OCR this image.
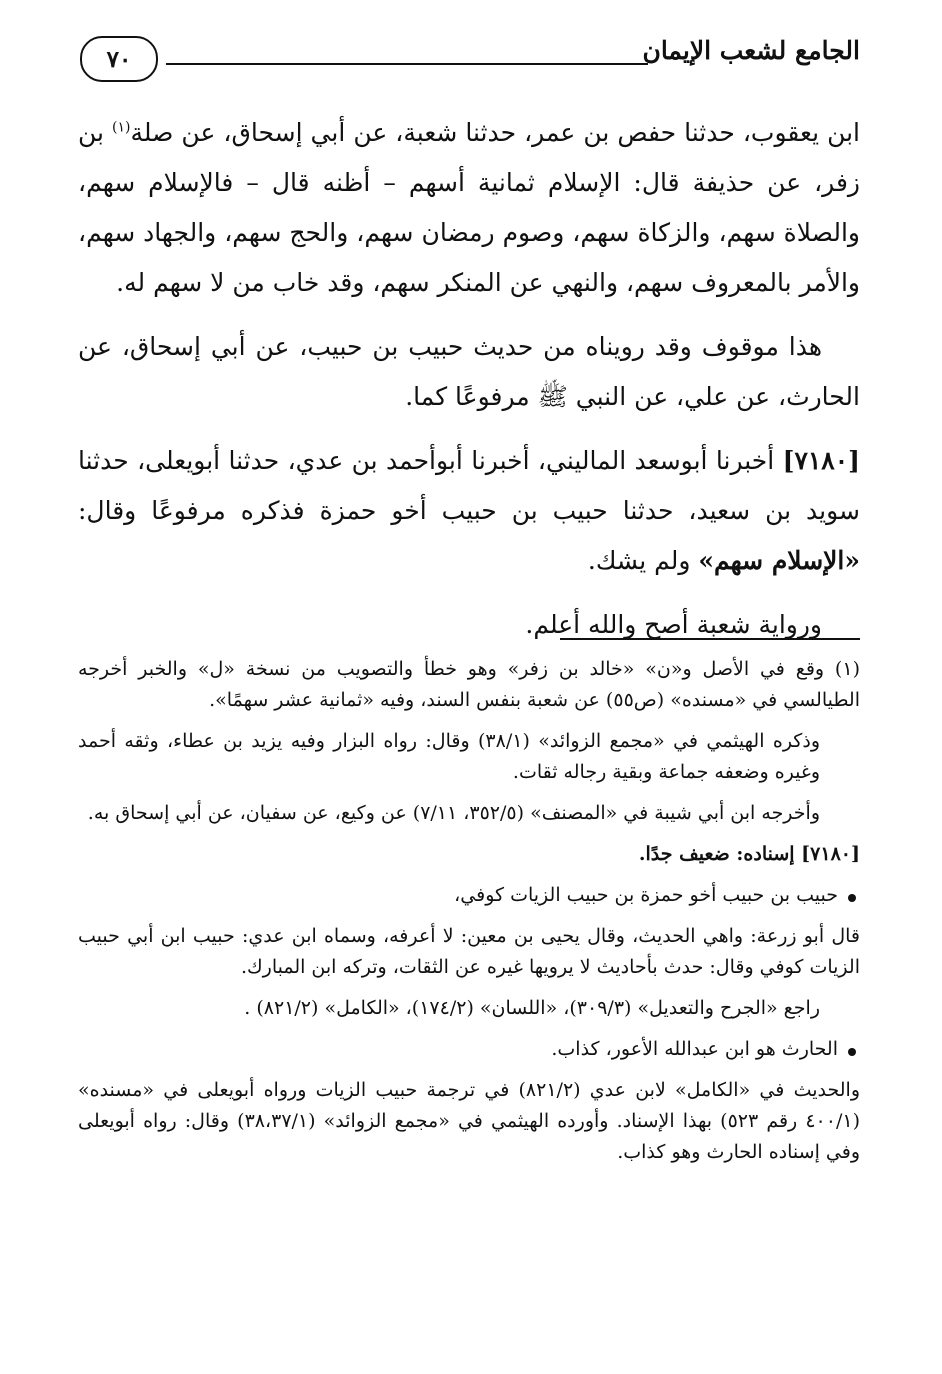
الجامع لشعب الإيمان
٧٠

ابن يعقوب، حدثنا حفص بن عمر، حدثنا شعبة، عن أبي إسحاق، عن صلة$^{(١)}$ بن زفر، عن حذيفة قال: الإسلام ثمانية أسهم – أظنه قال – فالإسلام سهم، والصلاة سهم، والزكاة سهم، وصوم رمضان سهم، والحج سهم، والجهاد سهم، والأمر بالمعروف سهم، والنهي عن المنكر سهم، وقد خاب من لا سهم له.

هذا موقوف وقد رويناه من حديث حبيب بن حبيب، عن أبي إسحاق، عن الحارث، عن علي، عن النبي ﷺ مرفوعًا كما.

[٧١٨٠] أخبرنا أبوسعد الماليني، أخبرنا أبوأحمد بن عدي، حدثنا أبويعلى، حدثنا سويد بن سعيد، حدثنا حبيب بن حبيب أخو حمزة فذكره مرفوعًا وقال: «الإسلام سهم» ولم يشك.

ورواية شعبة أصح والله أعلم.

(١) وقع في الأصل و«ن» «خالد بن زفر» وهو خطأ والتصويب من نسخة «ل» والخبر أخرجه الطيالسي في «مسنده» (ص٥٥) عن شعبة بنفس السند، وفيه «ثمانية عشر سهمًا».

وذكره الهيثمي في «مجمع الزوائد» (٣٨/١) وقال: رواه البزار وفيه يزيد بن عطاء، وثقه أحمد وغيره وضعفه جماعة وبقية رجاله ثقات.

وأخرجه ابن أبي شيبة في «المصنف» (٣٥٢/٥، ٧/١١) عن وكيع، عن سفيان، عن أبي إسحاق به.

[٧١٨٠] إسناده: ضعيف جدًا.

حبيب بن حبيب أخو حمزة بن حبيب الزيات كوفي،

قال أبو زرعة: واهي الحديث، وقال يحيى بن معين: لا أعرفه، وسماه ابن عدي: حبيب ابن أبي حبيب الزيات كوفي وقال: حدث بأحاديث لا يرويها غيره عن الثقات، وتركه ابن المبارك.

راجع «الجرح والتعديل» (٣٠٩/٣)، «اللسان» (١٧٤/٢)، «الكامل» (٨٢١/٢) .

الحارث هو ابن عبدالله الأعور، كذاب.

والحديث في «الكامل» لابن عدي (٨٢١/٢) في ترجمة حبيب الزيات ورواه أبويعلى في «مسنده» (٤٠٠/١ رقم ٥٢٣) بهذا الإسناد. وأورده الهيثمي في «مجمع الزوائد» (٣٨،٣٧/١) وقال: رواه أبويعلى وفي إسناده الحارث وهو كذاب.
